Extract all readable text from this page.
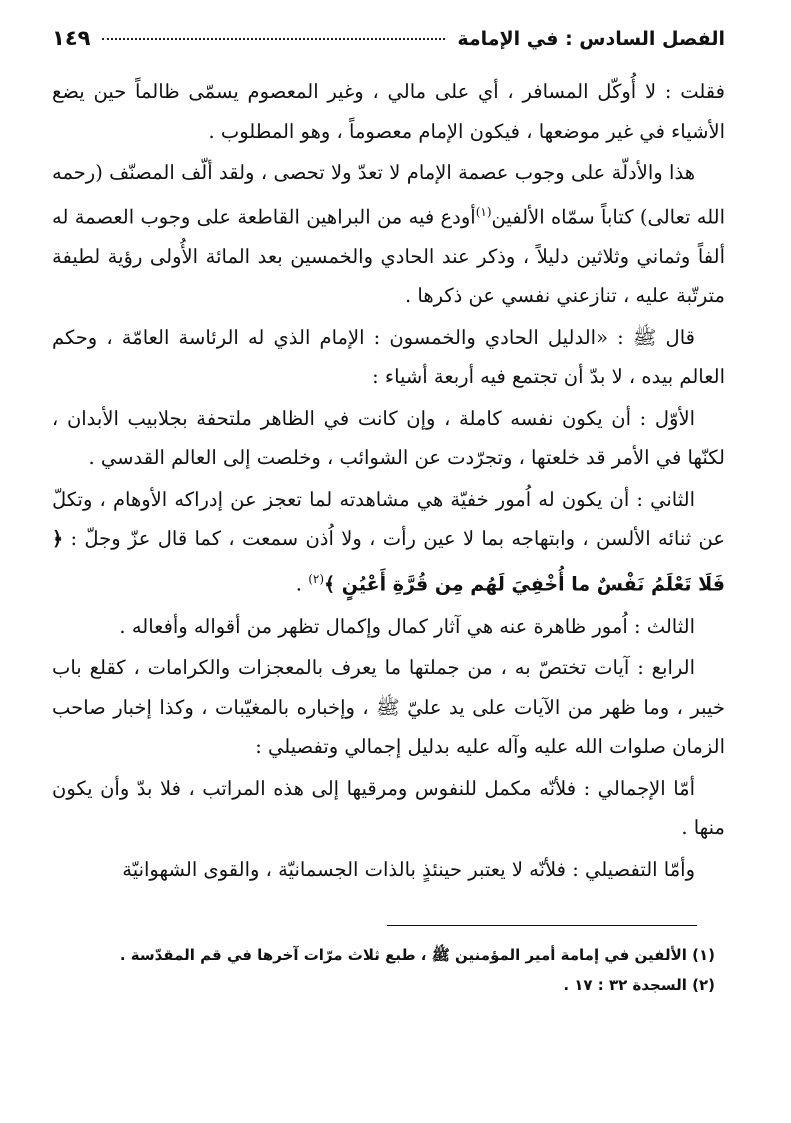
الفصل السادس : في الإمامة
١٤٩

فقلت : لا أُوكّل المسافر ، أي على مالي ، وغير المعصوم يسمّى ظالماً حين يضع الأشياء في غير موضعها ، فيكون الإمام معصوماً ، وهو المطلوب .

هذا والأدلّة على وجوب عصمة الإمام لا تعدّ ولا تحصى ، ولقد ألّف المصنّف (رحمه الله تعالى) كتاباً سمّاه الألفين$^{(١)}$أودع فيه من البراهين القاطعة على وجوب العصمة له ألفاً وثماني وثلاثين دليلاً ، وذكر عند الحادي والخمسين بعد المائة الأُولى رؤية لطيفة مترتّبة عليه ، تنازعني نفسي عن ذكرها .

قال ﷺ : «الدليل الحادي والخمسون : الإمام الذي له الرئاسة العامّة ، وحكم العالم بيده ، لا بدّ أن تجتمع فيه أربعة أشياء :

الأوّل : أن يكون نفسه كاملة ، وإن كانت في الظاهر ملتحفة بجلابيب الأبدان ، لكنّها في الأمر قد خلعتها ، وتجرّدت عن الشوائب ، وخلصت إلى العالم القدسي .

الثاني : أن يكون له اُمور خفيّة هي مشاهدته لما تعجز عن إدراكه الأوهام ، وتكلّ عن ثنائه الألسن ، وابتهاجه بما لا عين رأت ، ولا اُذن سمعت ، كما قال عزّ وجلّ : ﴿ فَلَا تَعْلَمُ نَفْسٌ ما أُخْفِيَ لَهُم مِن قُرَّةِ أَعْيُنٍ ﴾$^{(٢)}$ .

الثالث : اُمور ظاهرة عنه هي آثار كمال وإكمال تظهر من أقواله وأفعاله .

الرابع : آيات تختصّ به ، من جملتها ما يعرف بالمعجزات والكرامات ، كقلع باب خيبر ، وما ظهر من الآيات على يد عليّ ﷺ ، وإخباره بالمغيّبات ، وكذا إخبار صاحب الزمان صلوات الله عليه وآله عليه بدليل إجمالي وتفصيلي :

أمّا الإجمالي : فلأنّه مكمل للنفوس ومرقيها إلى هذه المراتب ، فلا بدّ وأن يكون منها .

وأمّا التفصيلي : فلأنّه لا يعتبر حينئذٍ بالذات الجسمانيّة ، والقوى الشهوانيّة

(١) الألفين في إمامة أمير المؤمنين ﷺ ، طبع ثلاث مرّات آخرها في قم المقدّسة .
(٢) السجدة ٣٢ : ١٧ .
